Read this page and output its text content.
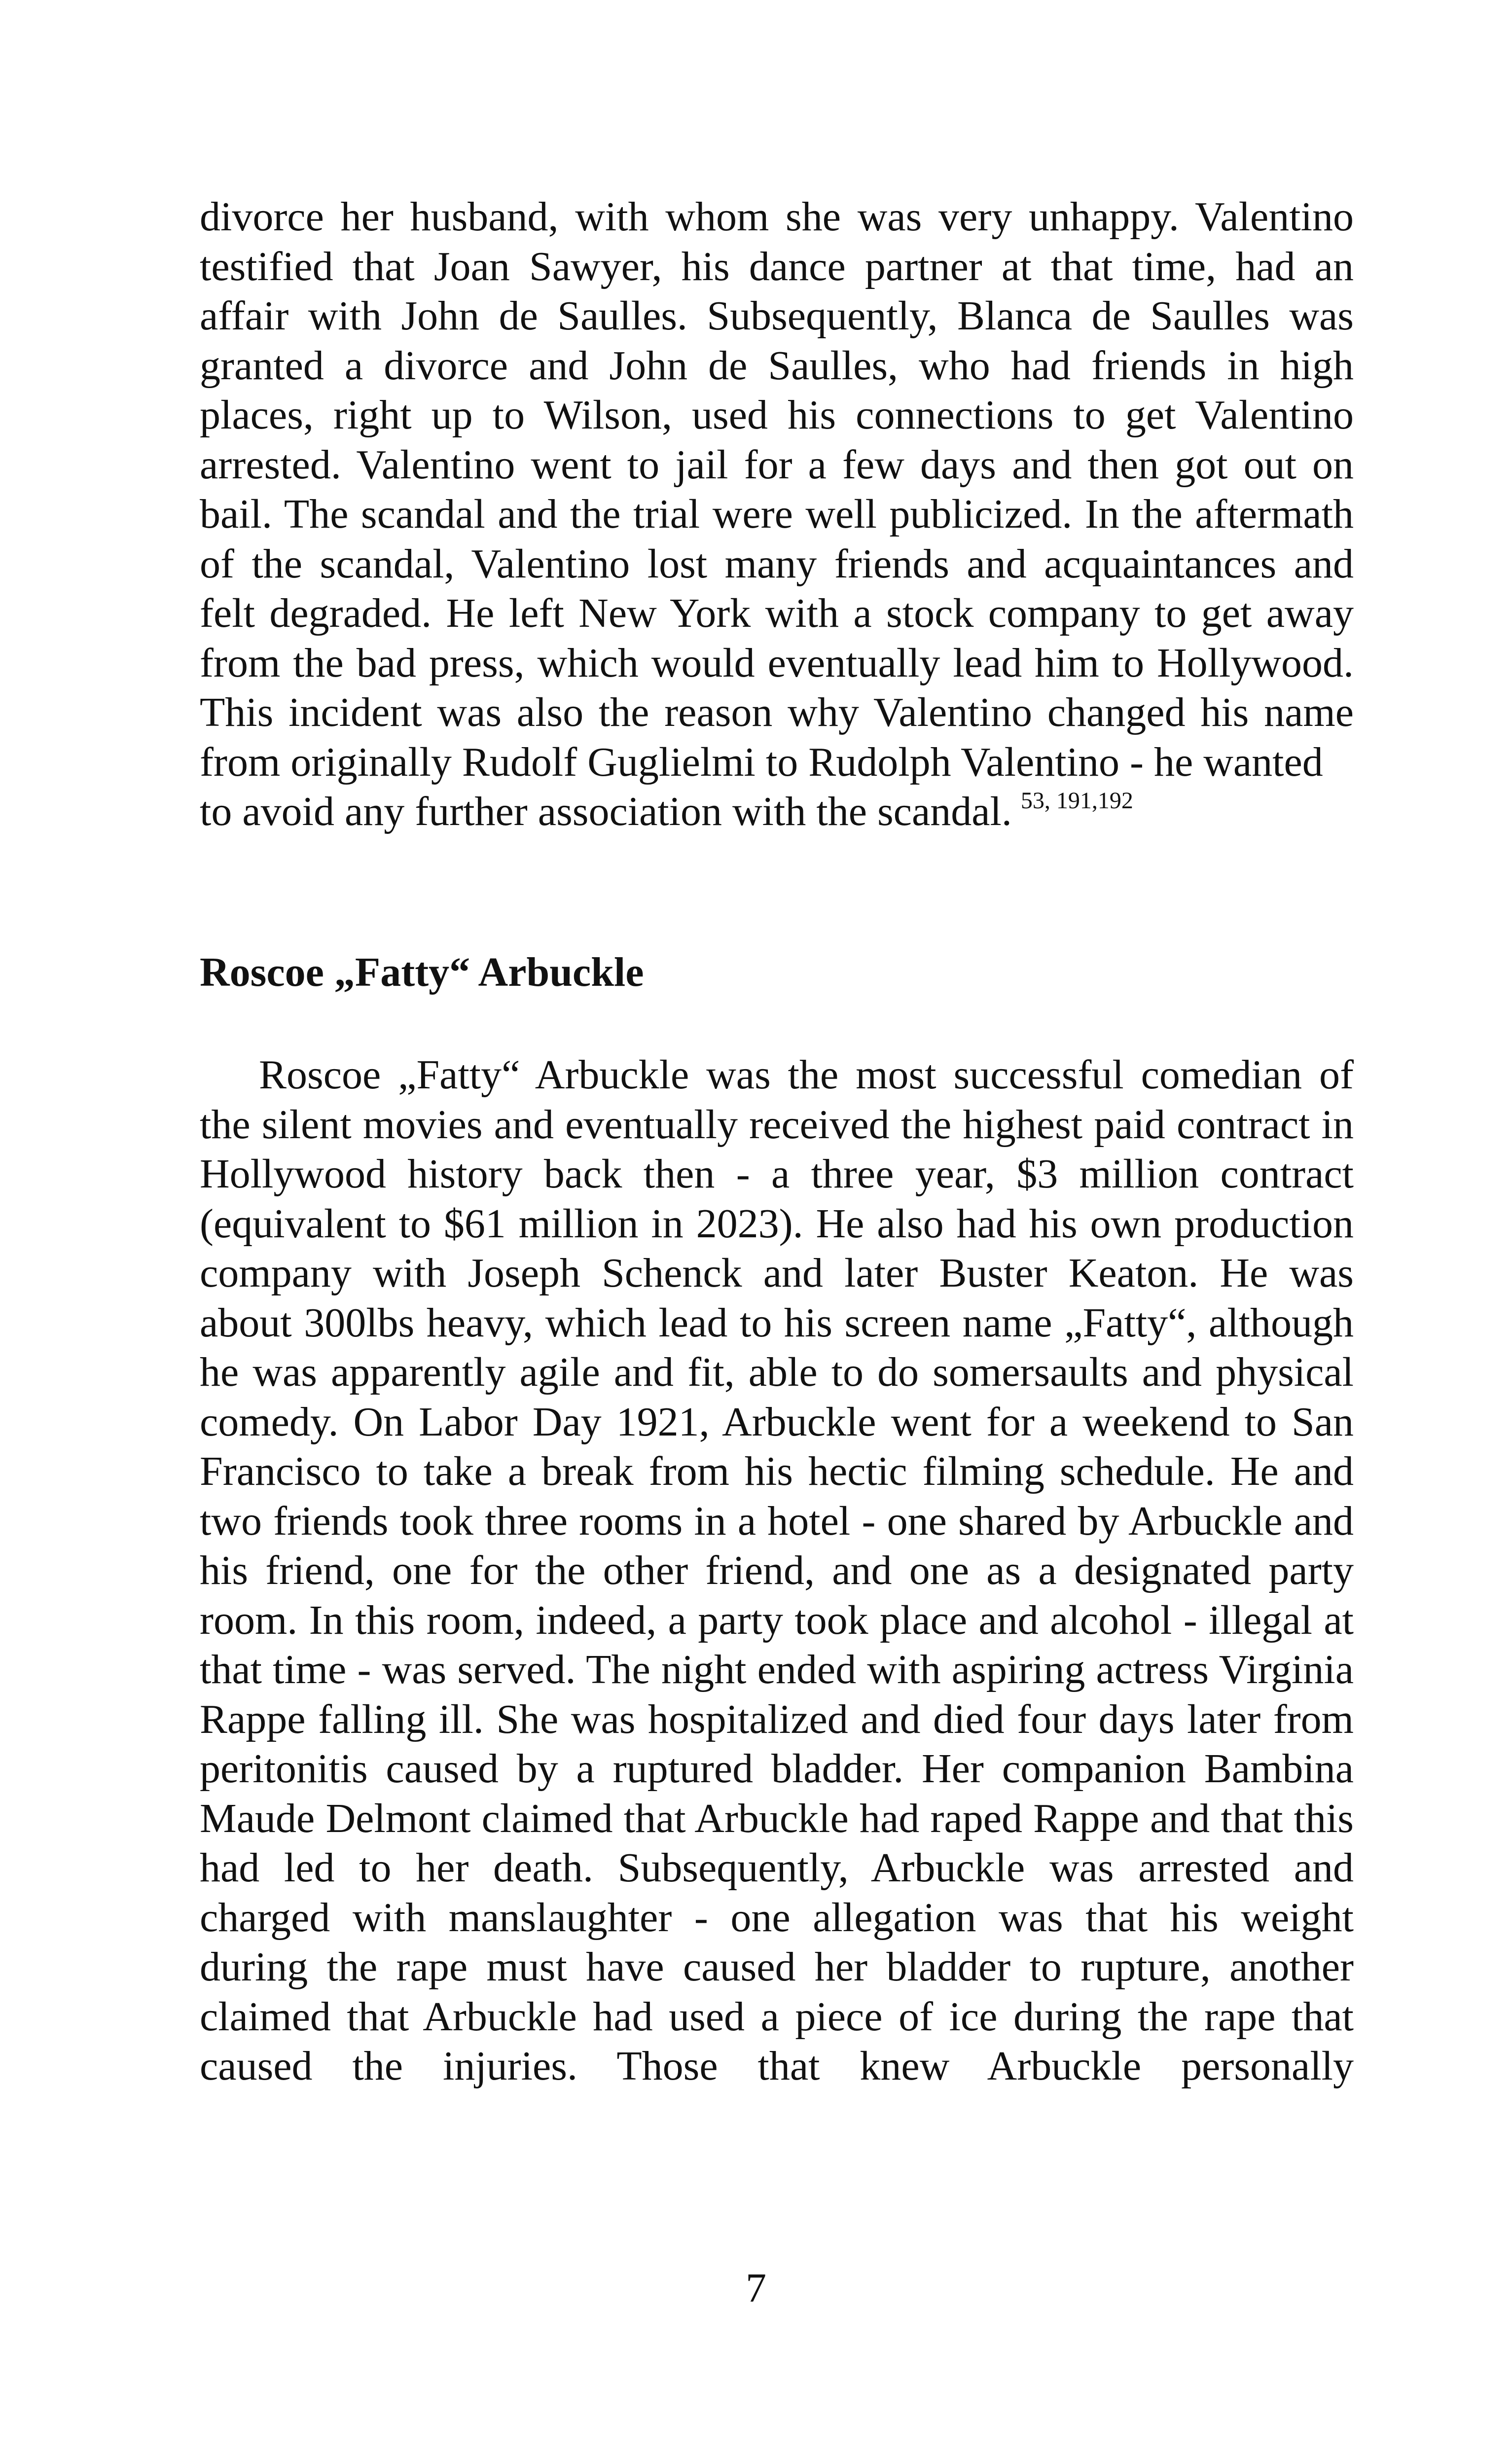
divorce her husband, with whom she was very unhappy. Valentino testified that Joan Sawyer, his dance partner at that time, had an affair with John de Saulles. Subsequently, Blanca de Saulles was granted a divorce and John de Saulles, who had friends in high places, right up to Wilson, used his connections to get Valentino arrested. Valentino went to jail for a few days and then got out on bail. The scandal and the trial were well publicized. In the aftermath of the scandal, Valentino lost many friends and acquaintances and felt degraded. He left New York with a stock company to get away from the bad press, which would eventually lead him to Hollywood. This incident was also the reason why Valentino changed his name from originally Rudolf Guglielmi to Rudolph Valentino - he wanted

to avoid any further association with the scandal. $^{53, 191,192}$
Roscoe „Fatty“ Arbuckle

Roscoe „Fatty“ Arbuckle was the most successful comedian of the silent movies and eventually received the highest paid contract in Hollywood history back then - a three year, $3 million contract (equivalent to $61 million in 2023). He also had his own production company with Joseph Schenck and later Buster Keaton. He was about 300lbs heavy, which lead to his screen name „Fatty“, although he was apparently agile and fit, able to do somersaults and physical comedy. On Labor Day 1921, Arbuckle went for a weekend to San Francisco to take a break from his hectic filming schedule. He and two friends took three rooms in a hotel - one shared by Arbuckle and his friend, one for the other friend, and one as a designated party room. In this room, indeed, a party took place and alcohol - illegal at that time - was served. The night ended with aspiring actress Virginia Rappe falling ill. She was hospitalized and died four days later from peritonitis caused by a ruptured bladder. Her companion Bambina Maude Delmont claimed that Arbuckle had raped Rappe and that this had led to her death. Subsequently, Arbuckle was arrested and charged with manslaughter - one allegation was that his weight during the rape must have caused her bladder to rupture, another claimed that Arbuckle had used a piece of ice during the rape that caused the injuries. Those that knew Arbuckle personally

7
